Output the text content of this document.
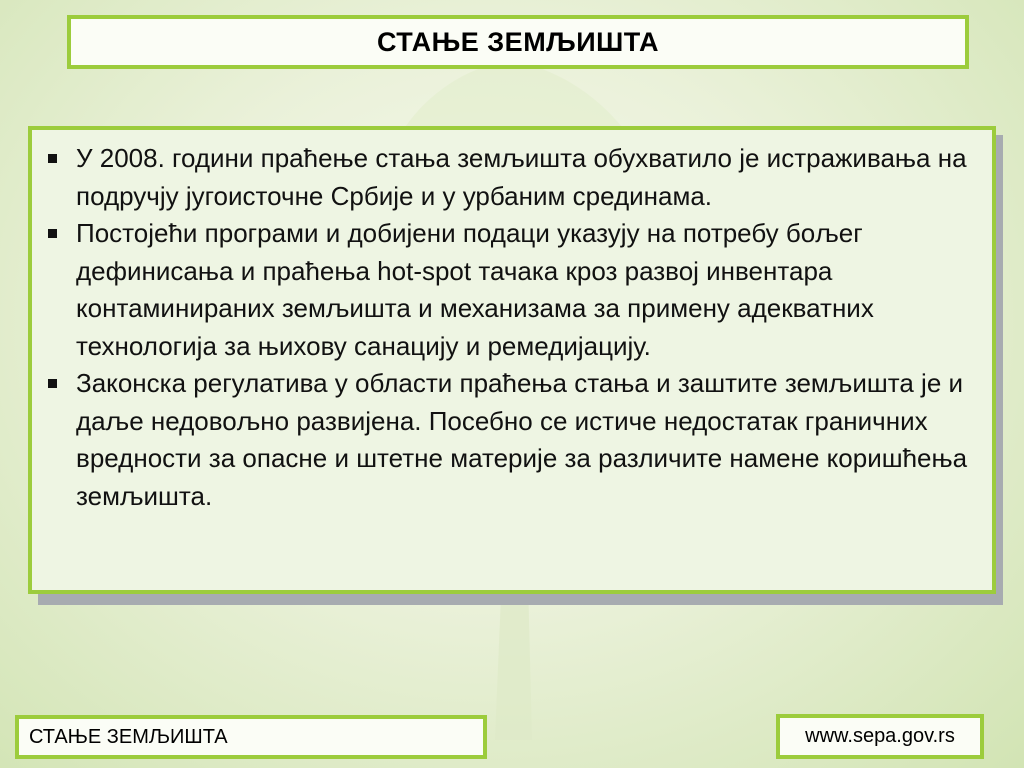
СТАЊЕ ЗЕМЉИШТА
У 2008. години праћење стања земљишта обухватило је истраживања на подручју југоисточне Србије и у урбаним срединама.
Постојећи програми и добијени подаци указују на потребу бољег дефинисања и праћења hot-spot тачака кроз развој инвентара контаминираних земљишта и механизама за примену адекватних технологија за њихову санацију и ремедијацију.
Законска регулатива у области праћења стања и заштите земљишта је и даље недовољно развијена. Посебно се истиче недостатак граничних вредности за опасне и штетне материје за различите намене коришћења земљишта.
СТАЊЕ ЗЕМЉИШТА	www.sepa.gov.rs
